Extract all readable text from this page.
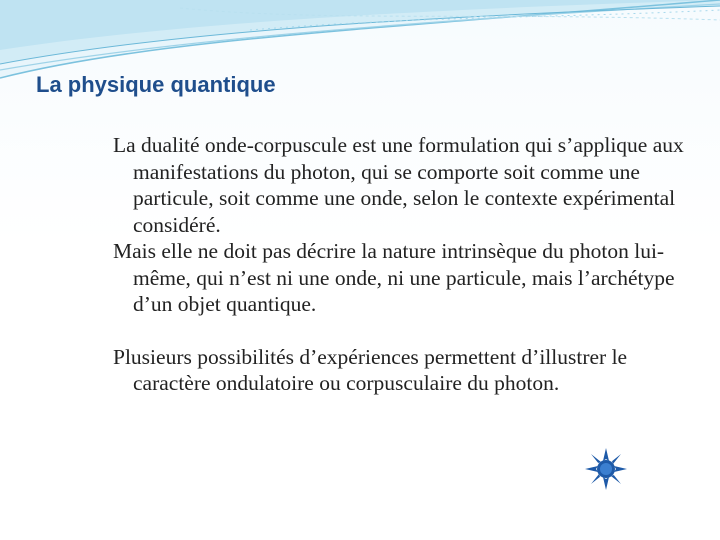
La physique quantique

La dualité onde-corpuscule est une formulation qui s’applique aux manifestations du photon, qui se comporte soit comme une particule, soit comme une onde, selon le contexte expérimental considéré.

Mais elle ne doit pas décrire la nature intrinsèque du photon lui-même, qui n’est ni une onde, ni une particule, mais l’archétype d’un objet quantique.

Plusieurs possibilités d’expériences permettent d’illustrer le caractère ondulatoire ou corpusculaire du photon.
